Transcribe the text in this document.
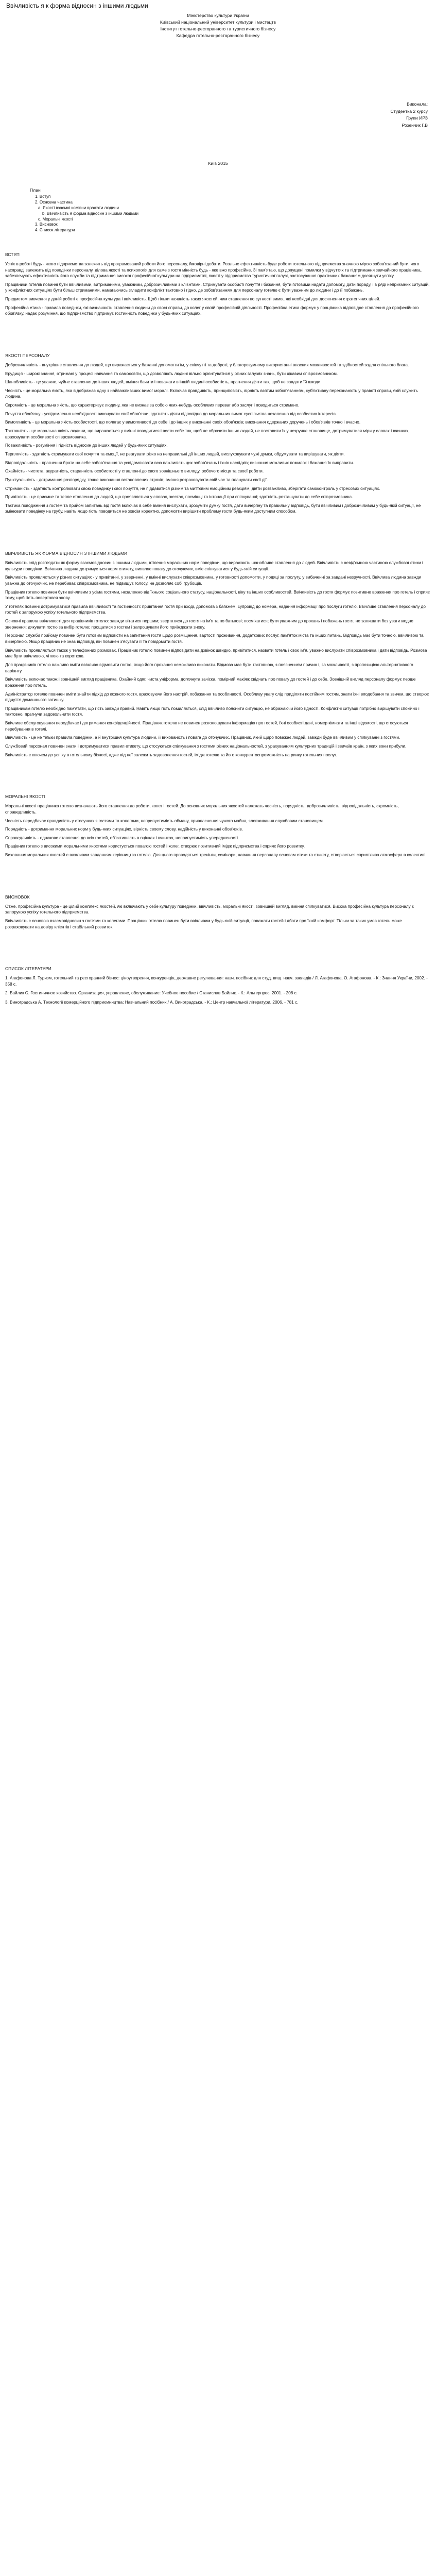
Ввічливість я к форма відносин з іншими людьми
Міністерство культури України
Київський національний університет культури і мистецтв
Інститут готельно-ресторанного та туристичного бізнесу
Кафедра готельно-ресторанного бізнесу
Виконала:
Студентка 2 курсу
Групи ИРЗ
Розенчик Г.В
Київ 2015
План
1. Вступ
2. Основна частина
а. Якості взаємні комівни вражати людини
b. Ввічливість я форма відносин з іншими людьми
с. Моральні якості
3. Висновок
4. Список літератури
ВСТУП

Успіх в роботі будь - якого підприємства залежить від програмований роботи його персоналу, ймовірні дебати. Реальне ефективність буде роботи готельного підприємства значною мірою зобов'язаний бути, чого насправді залежить від поведінки персоналу, ділова якості та психологія для саме з гостя мінність будь - яке вжо професійне. Зі пам'ятаю, що допущені помилки у відчуттях та підтримання звичайного працівника, забезпечують ефективність його служби та підтримання високої професійної культури на підприємстві, якості у підприємства туристичної галузі, застосування практичних бажанням досягнути успіху.

Працівники готелів повинні бути ввічливими, витриманими, уважними, доброзичливими з клієнтами. Стримувати особисті почуття і бажання, бути готовими надати допомогу, дати пораду, і в ряді неприємних ситуацій, у конфліктних ситуаціях бути більш стриманими, намагаючись згладити конфлікт тактовно і гідно, де зобов'язанням для персоналу готелю є бути уважним до людини і до її побажань.

Предметом вивчення у даній роботі є професійна культура і ввічливість. Щоб тільки наявність таких якостей, чим ставлення по сутності вимог, які необхідні для досягнення стратегічних цілей.

Професійна етика - правила поведінки, які визначають ставлення людини до своєї справи, до колег у своїй професійній діяльності. Професійна етика формує у працівника відповідне ставлення до професійного обов'язку, надає розуміння, що підприємство підтримує гостинність поведінки у будь-яких ситуаціях.

ЯКОСТІ ПЕРСОНАЛУ

Доброзичливість - внутрішнє ставлення до людей, що виражається у бажанні допомогти їм, у співчутті та доброті, у благорозумному використанні власних можливостей та здібностей задля спільного блага.

Ерудиція - широкі знання, отримані у процесі навчання та самоосвіти, що дозволяють людині вільно орієнтуватися у різних галузях знань, бути цікавим співрозмовником.

Шанобливість - це уважне, чуйне ставлення до інших людей, вміння бачити і поважати в іншій людині особистість, прагнення діяти так, щоб не завдати їй шкоди.

Чесність - це моральна якість, яка відображає одну з найважливіших вимог моралі. Включає правдивість, принциповість, вірність взятим зобов'язанням, суб'єктивну переконаність у правоті справи, якій служить людина.

Скромність - це моральна якість, що характеризує людину, яка не визнає за собою яких-небудь особливих переваг або заслуг і поводиться стримано.

Почуття обов'язку - усвідомлення необхідності виконувати свої обов'язки, здатність діяти відповідно до моральних вимог суспільства незалежно від особистих інтересів.

Вимогливість - це моральна якість особистості, що полягає у вимогливості до себе і до інших у виконанні своїх обов'язків; виконання одержаних доручень і обов'язків точно і вчасно.

Тактовність - це моральна якість людини, що виражається у вмінні поводитися і вести себе так, щоб не образити інших людей, не поставити їх у незручне становище, дотримуватися міри у словах і вчинках, враховувати особливості співрозмовника.

Поважливість - розуміння і гідність відносин до інших людей у будь-яких ситуаціях.

Терплячість - здатність стримувати свої почуття та емоції, не реагувати різко на неправильні дії інших людей, вислуховувати чужі думки, обдумувати та вирішувати, як діяти.

Відповідальність - прагнення брати на себе зобов'язання та усвідомлювати всю важливість цих зобов'язань і їхніх наслідків; визнання можливих помилок і бажання їх виправити.

Охайність - чистота, акуратність, старанність особистості у ставленні до свого зовнішнього вигляду, робочого місця та своєї роботи.

Пунктуальність - дотримання розпорядку, точне виконання встановлених строків; вміння розраховувати свій час та планувати свої дії.

Стриманість - здатність контролювати свою поведінку і свої почуття, не піддаватися різким та миттєвим емоційним реакціям, діяти розважливо, зберігати самоконтроль у стресових ситуаціях.

Привітність - це приємне та тепле ставлення до людей, що проявляється у словах, жестах, посмішці та інтонації при спілкуванні; здатність розташувати до себе співрозмовника.

Тактика поводження з гостем та прийом запитань від гостя включає в себе вміння вислухати, зрозуміти думку гостя, дати вичерпну та правильну відповідь, бути ввічливим і доброзичливим у будь-якій ситуації, не змінювати поведінку на грубу, навіть якщо гість поводиться не зовсім коректно, допомогти вирішити проблему гостя будь-яким доступним способом.

ВВІЧЛИВІСТЬ ЯК ФОРМА ВІДНОСИН З ІНШИМИ ЛЮДЬМИ

Ввічливість слід розглядати як форму взаємовідносин з іншими людьми, втілення моральних норм поведінки, що виражають шанобливе ставлення до людей. Ввічливість є невід'ємною частиною службової етики і культури поведінки. Ввічлива людина дотримується норм етикету, виявляє повагу до оточуючих, вміє спілкуватися у будь-якій ситуації.

Ввічливість проявляється у різних ситуаціях - у привітанні, у зверненні, у вмінні вислухати співрозмовника, у готовності допомогти, у подяці за послугу, у вибаченні за завдані незручності. Ввічлива людина завжди уважна до оточуючих, не перебиває співрозмовника, не підвищує голосу, не дозволяє собі грубощів.

Працівник готелю повинен бути ввічливим з усіма гостями, незалежно від їхнього соціального статусу, національності, віку та інших особливостей. Ввічливість до гостя формує позитивне враження про готель і сприяє тому, щоб гість повертався знову.

У готелях повинні дотримуватися правила ввічливості та гостинності: привітання гостя при вході, допомога з багажем, супровід до номера, надання інформації про послуги готелю. Ввічливе ставлення персоналу до гостей є запорукою успіху готельного підприємства.

Основні правила ввічливості для працівників готелю: завжди вітатися першим; звертатися до гостя на ім'я та по батькові; посміхатися; бути уважним до прохань і побажань гостя; не залишати без уваги жодне звернення; дякувати гостю за вибір готелю; прощатися з гостем і запрошувати його приїжджати знову.

Персонал служби прийому повинен бути готовим відповісти на запитання гостя щодо розміщення, вартості проживання, додаткових послуг, пам'яток міста та інших питань. Відповідь має бути точною, ввічливою та вичерпною. Якщо працівник не знає відповіді, він повинен з'ясувати її та повідомити гостя.

Ввічливість проявляється також у телефонних розмовах. Працівник готелю повинен відповідати на дзвінок швидко, привітатися, назвати готель і своє ім'я, уважно вислухати співрозмовника і дати відповідь. Розмова має бути ввічливою, чіткою та короткою.

Для працівників готелю важливо вміти ввічливо відмовити гостю, якщо його прохання неможливо виконати. Відмова має бути тактовною, з поясненням причин і, за можливості, з пропозицією альтернативного варіанту.

Ввічливість включає також і зовнішній вигляд працівника. Охайний одяг, чиста уніформа, доглянута зачіска, помірний макіяж свідчать про повагу до гостей і до себе. Зовнішній вигляд персоналу формує перше враження про готель.

Адміністратор готелю повинен вміти знайти підхід до кожного гостя, враховуючи його настрій, побажання та особливості. Особливу увагу слід приділяти постійним гостям, знати їхні вподобання та звички, що створює відчуття домашнього затишку.

Працівникам готелю необхідно пам'ятати, що гість завжди правий. Навіть якщо гість помиляється, слід ввічливо пояснити ситуацію, не ображаючи його гідності. Конфліктні ситуації потрібно вирішувати спокійно і тактовно, прагнучи задовольнити гостя.

Ввічливе обслуговування передбачає і дотримання конфіденційності. Працівник готелю не повинен розголошувати інформацію про гостей, їхні особисті дані, номер кімнати та інші відомості, що стосуються перебування в готелі.

Ввічливість - це не тільки правила поведінки, а й внутрішня культура людини, її вихованість і повага до оточуючих. Працівник, який щиро поважає людей, завжди буде ввічливим у спілкуванні з гостями.

Службовий персонал повинен знати і дотримуватися правил етикету, що стосуються спілкування з гостями різних національностей, з урахуванням культурних традицій і звичаїв країн, з яких вони прибули.

Ввічливість є ключем до успіху в готельному бізнесі, адже від неї залежить задоволення гостей, імідж готелю та його конкурентоспроможність на ринку готельних послуг.

МОРАЛЬНІ ЯКОСТІ

Моральні якості працівника готелю визначають його ставлення до роботи, колег і гостей. До основних моральних якостей належать чесність, порядність, доброзичливість, відповідальність, скромність, справедливість.

Чесність передбачає правдивість у стосунках з гостями та колегами, неприпустимість обману, привласнення чужого майна, зловживання службовим становищем.

Порядність - дотримання моральних норм у будь-яких ситуаціях, вірність своєму слову, надійність у виконанні обов'язків.

Справедливість - однакове ставлення до всіх гостей, об'єктивність в оцінках і вчинках, неприпустимість упередженості.

Працівник готелю з високими моральними якостями користується повагою гостей і колег, створює позитивний імідж підприємства і сприяє його розвитку.

Виховання моральних якостей є важливим завданням керівництва готелю. Для цього проводяться тренінги, семінари, навчання персоналу основам етики та етикету, створюється сприятлива атмосфера в колективі.

ВИСНОВОК

Отже, професійна культура - це цілий комплекс якостей, які включають у себе культуру поведінки, ввічливість, моральні якості, зовнішній вигляд, вміння спілкуватися. Висока професійна культура персоналу є запорукою успіху готельного підприємства.

Ввічливість є основою взаємовідносин з гостями та колегами. Працівник готелю повинен бути ввічливим у будь-якій ситуації, поважати гостей і дбати про їхній комфорт. Тільки за таких умов готель може розраховувати на довіру клієнтів і стабільний розвиток.

СПИСОК ЛІТЕРАТУРИ

1. Агафонова Л. Туризм, готельний та ресторанний бізнес: ціноутворення, конкуренція, державне регулювання: навч. посібник для студ. вищ. навч. закладів / Л. Агафонова, О. Агафонова. - К.: Знання України, 2002. - 358 с.

2. Байлик С. Гостиничное хозяйство. Организация, управление, обслуживание: Учебное пособие / Станислав Байлик. - К.: Альтерпрес, 2001. - 208 с.

3. Виноградська А. Технології комерційного підприємництва: Навчальний посібник / А. Виноградська. - К.: Центр навчальної літератури, 2006. - 781 с.
